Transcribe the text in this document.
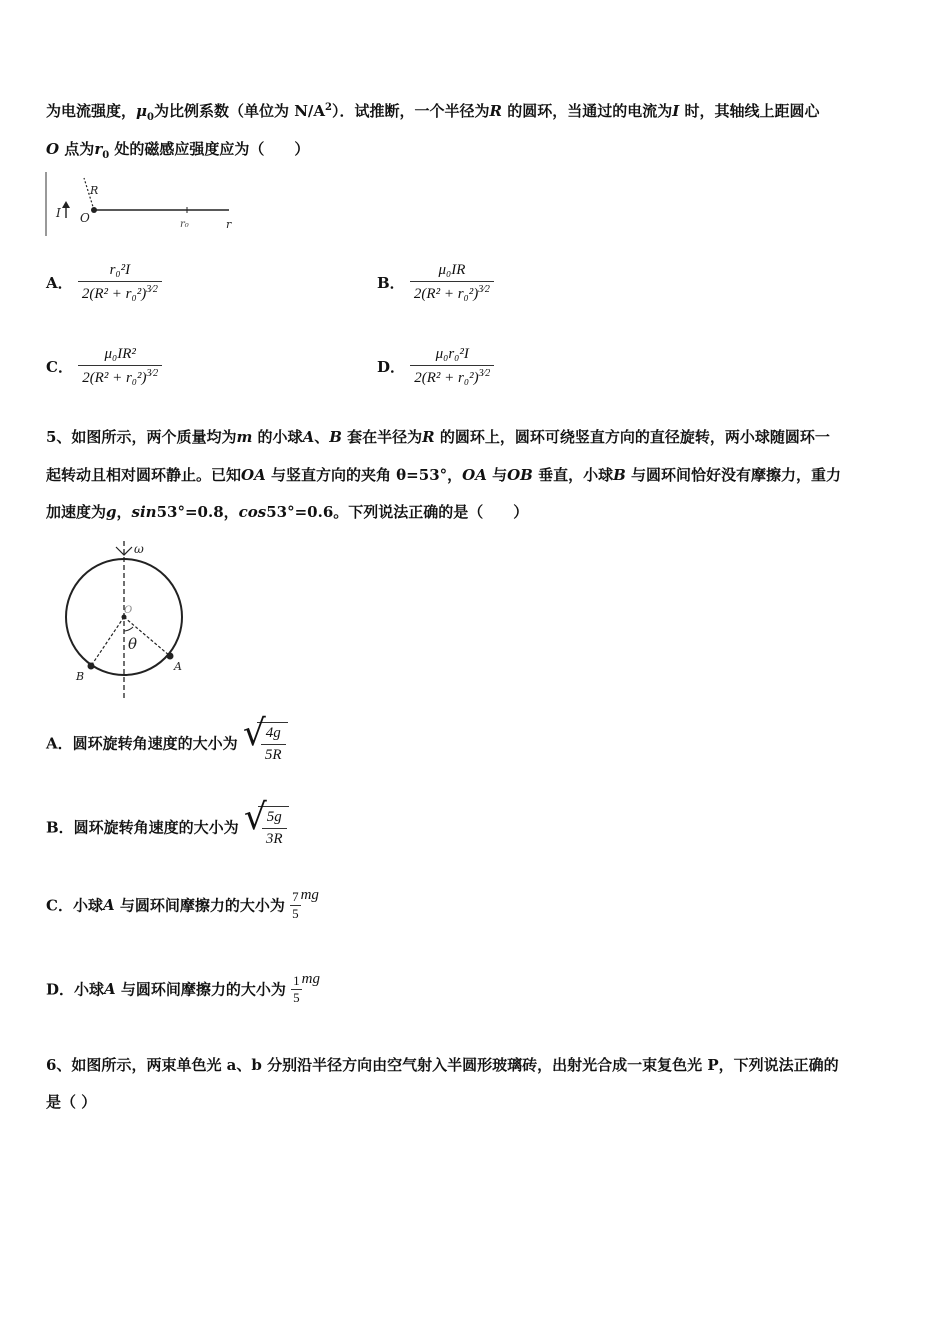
为电流强度，$\mu_0$为比例系数（单位为 $N/A^2$）．试推断，一个半径为R 的圆环，当通过的电流为I 时，其轴线上距圆心
O 点为$r_0$ 处的磁感应强度应为（　　）
I O
R
r₀	r
A． $\frac{\text{r₀²I}}{2(R^2 + r_0^2)^{3⁄2}}$	B． $\frac{\text{μ₀IR}}{2(R^2 + r_0^2)^{3⁄2}}$
C． $\frac{\text{μ₀IR²}}{2(R^2 + r_0^2)^{3⁄2}}$	D． $\frac{\text{μ₀r₀²I}}{2(R^2 + r_0^2)^{3⁄2}}$
5、如图所示，两个质量均为m 的小球A、B 套在半径为R 的圆环上，圆环可绕竖直方向的直径旋转，两小球随圆环一
起转动且相对圆环静止。已知OA 与竖直方向的夹角 θ=53°，OA 与OB 垂直，小球B 与圆环间恰好没有摩擦力，重力
加速度为g，sin53°=0.8，cos53°=0.6。下列说法正确的是（　　）
ω
O
θ
A
B
A．圆环旋转角速度的大小为 √
$\frac{4g}{5R}$
B．圆环旋转角速度的大小为 √
$\frac{5g}{3R}$
C．小球A 与圆环间摩擦力的大小为 $\frac{7}{5}$ mg
D．小球A 与圆环间摩擦力的大小为 $\frac{1}{5}$ mg
6、如图所示，两束单色光 a、b 分别沿半径方向由空气射入半圆形玻璃砖，出射光合成一束复色光 P，下列说法正确的
是（ ）
